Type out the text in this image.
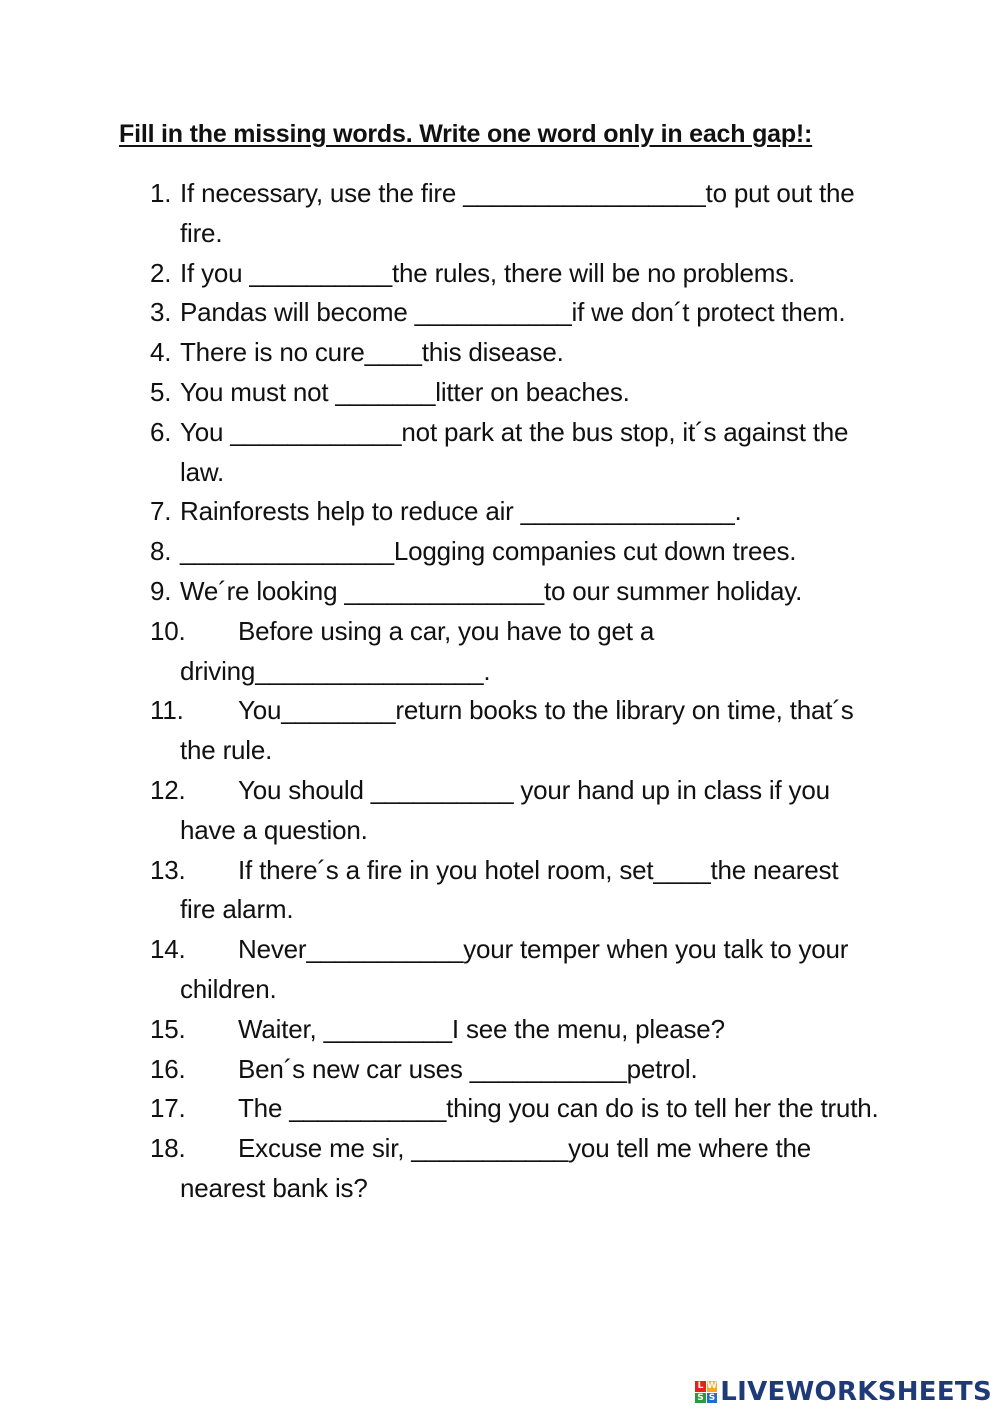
Fill in the missing words. Write one word only in each gap!:
1. If necessary, use the fire _________________to put out the fire.
2. If you __________the rules, there will be no problems.
3. Pandas will become ___________if we don´t protect them.
4. There is no cure____this disease.
5. You must not _______litter on beaches.
6. You ____________not park at the bus stop, it´s against the law.
7. Rainforests help to reduce air _______________.
8. _______________Logging companies cut down trees.
9. We´re looking ______________to our summer holiday.
10.	Before using a car, you have to get a driving________________.
11.	You________return books to the library on time, that´s the rule.
12.	You should __________ your hand up in class if you have a question.
13.	If there´s a fire in you hotel room, set____the nearest fire alarm.
14.	Never___________your temper when you talk to your children.
15.	Waiter, _________I see the menu, please?
16.	Ben´s new car uses ___________petrol.
17.	The ___________thing you can do is to tell her the truth.
18.	Excuse me sir, ___________you tell me where the nearest bank is?
L W
S S LIVEWORKSHEETS
